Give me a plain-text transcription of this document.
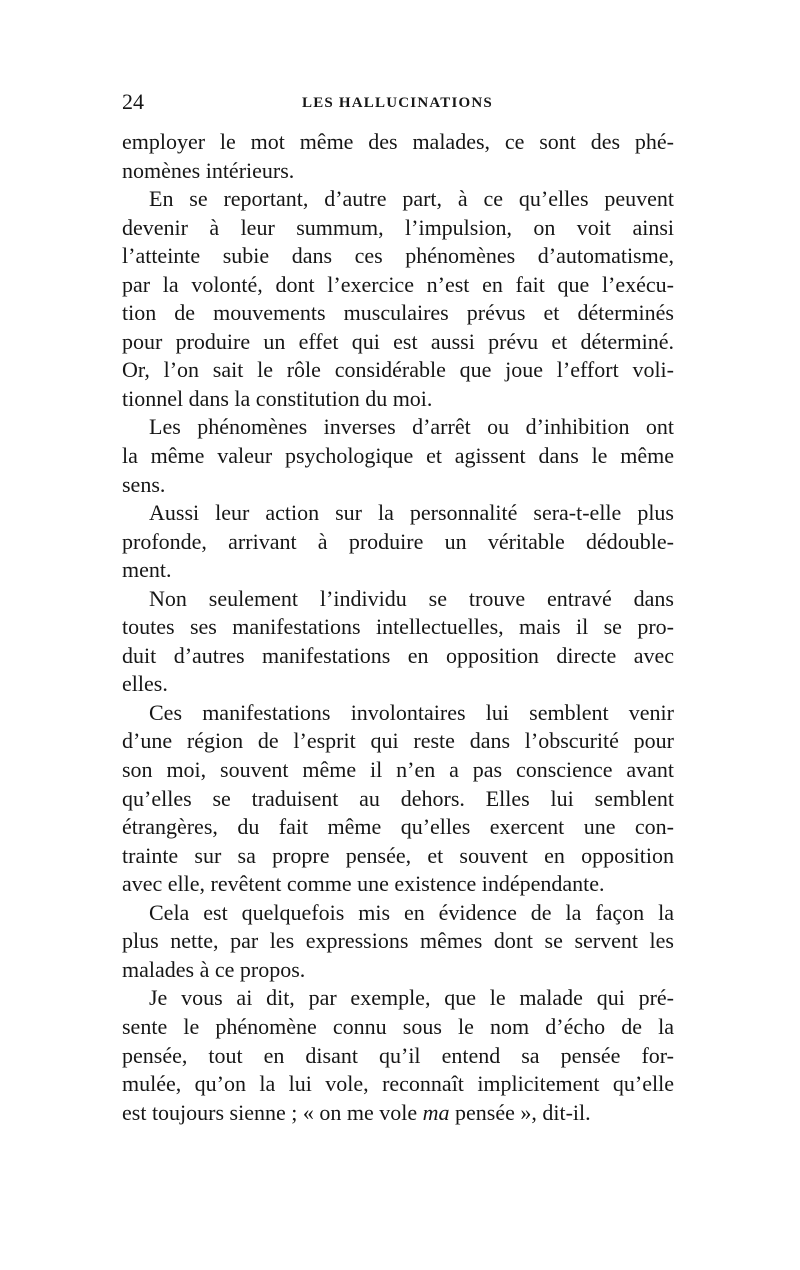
24	LES HALLUCINATIONS
employer le mot même des malades, ce sont des phé-
nomènes intérieurs.
En se reportant, d’autre part, à ce qu’elles peuvent
devenir à leur summum, l’impulsion, on voit ainsi
l’atteinte subie dans ces phénomènes d’automatisme,
par la volonté, dont l’exercice n’est en fait que l’exécu-
tion de mouvements musculaires prévus et déterminés
pour produire un effet qui est aussi prévu et déterminé.
Or, l’on sait le rôle considérable que joue l’effort voli-
tionnel dans la constitution du moi.
Les phénomènes inverses d’arrêt ou d’inhibition ont
la même valeur psychologique et agissent dans le même
sens.
Aussi leur action sur la personnalité sera-t-elle plus
profonde, arrivant à produire un véritable dédouble-
ment.
Non seulement l’individu se trouve entravé dans
toutes ses manifestations intellectuelles, mais il se pro-
duit d’autres manifestations en opposition directe avec
elles.
Ces manifestations involontaires lui semblent venir
d’une région de l’esprit qui reste dans l’obscurité pour
son moi, souvent même il n’en a pas conscience avant
qu’elles se traduisent au dehors. Elles lui semblent
étrangères, du fait même qu’elles exercent une con-
trainte sur sa propre pensée, et souvent en opposition
avec elle, revêtent comme une existence indépendante.
Cela est quelquefois mis en évidence de la façon la
plus nette, par les expressions mêmes dont se servent les
malades à ce propos.
Je vous ai dit, par exemple, que le malade qui pré-
sente le phénomène connu sous le nom d’écho de la
pensée, tout en disant qu’il entend sa pensée for-
mulée, qu’on la lui vole, reconnaît implicitement qu’elle
est toujours sienne ; « on me vole ma pensée », dit-il.
